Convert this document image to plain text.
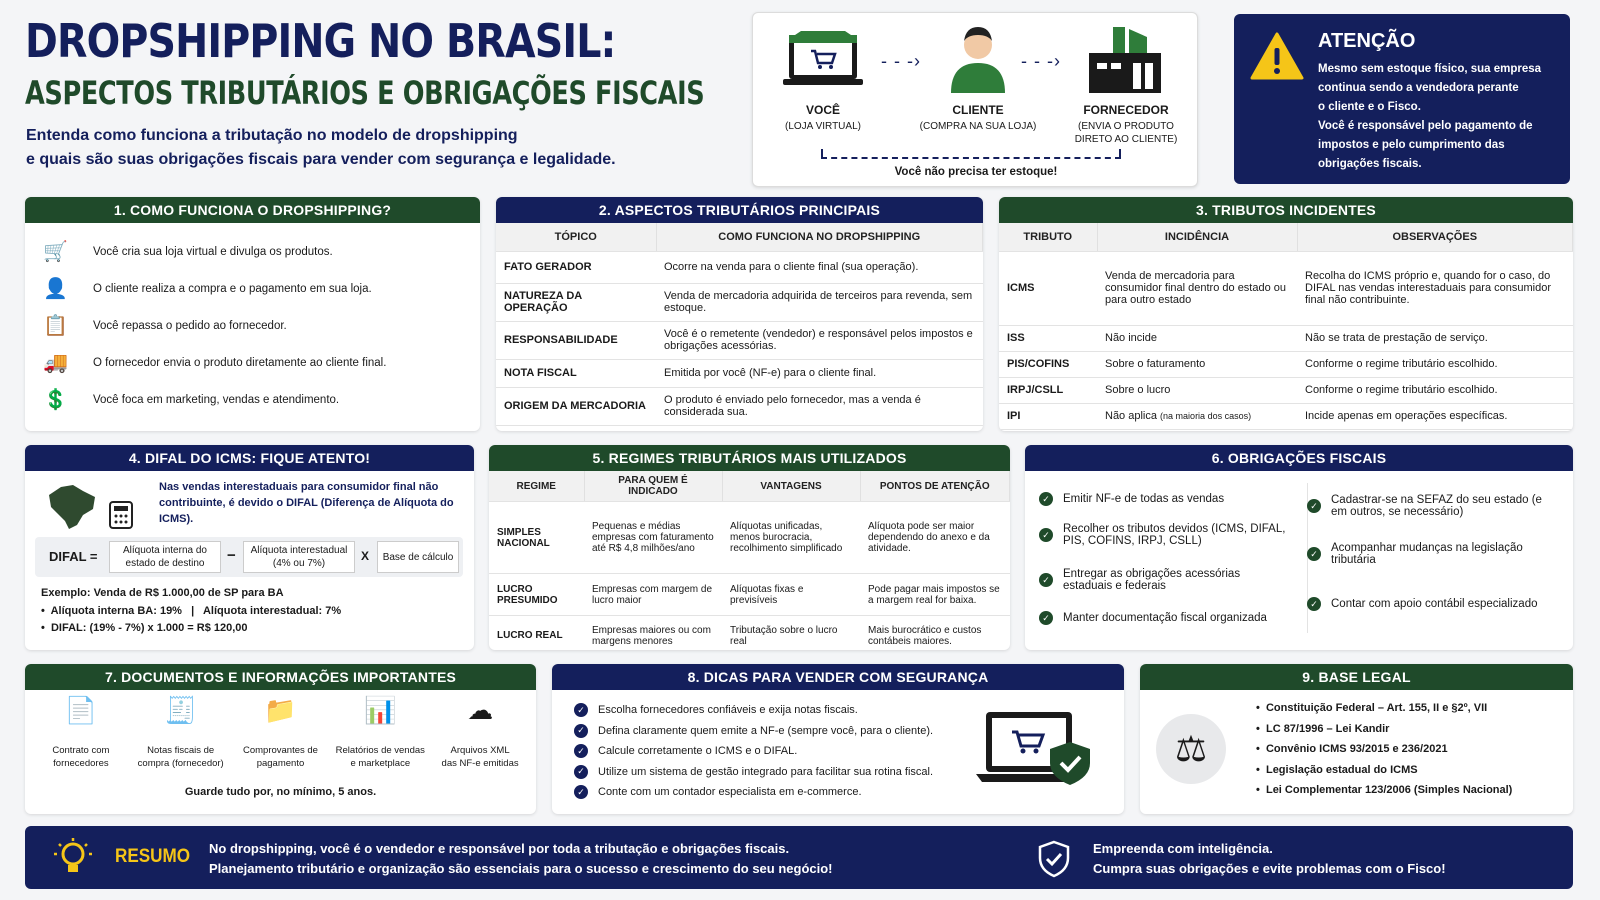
DROPSHIPPING NO BRASIL:
ASPECTOS TRIBUTÁRIOS E OBRIGAÇÕES FISCAIS
Entenda como funciona a tributação no modelo de dropshipping
e quais são suas obrigações fiscais para vender com segurança e legalidade.
VOCÊ
(LOJA VIRTUAL)
- - -›
CLIENTE
(COMPRA NA SUA LOJA)
- - -›
FORNECEDOR
(ENVIA O PRODUTO
DIRETO AO CLIENTE)
Você não precisa ter estoque!
ATENÇÃO
Mesmo sem estoque físico, sua empresa
continua sendo a vendedora perante
o cliente e o Fisco.
Você é responsável pelo pagamento de
impostos e pelo cumprimento das
obrigações fiscais.
1. COMO FUNCIONA O DROPSHIPPING?
🛒	Você cria sua loja virtual e divulga os produtos.
👤	O cliente realiza a compra e o pagamento em sua loja.
📋	Você repassa o pedido ao fornecedor.
🚚	O fornecedor envia o produto diretamente ao cliente final.
💲	Você foca em marketing, vendas e atendimento.
2. ASPECTOS TRIBUTÁRIOS PRINCIPAIS
TÓPICO	COMO FUNCIONA NO DROPSHIPPING
FATO GERADOR	Ocorre na venda para o cliente final (sua operação).
NATUREZA DA OPERAÇÃO	Venda de mercadoria adquirida de terceiros para revenda, sem estoque.
RESPONSABILIDADE	Você é o remetente (vendedor) e responsável pelos impostos e obrigações acessórias.
NOTA FISCAL	Emitida por você (NF-e) para o cliente final.
ORIGEM DA MERCADORIA	O produto é enviado pelo fornecedor, mas a venda é considerada sua.
3. TRIBUTOS INCIDENTES
TRIBUTO	INCIDÊNCIA	OBSERVAÇÕES
ICMS	Venda de mercadoria para consumidor final dentro do estado ou para outro estado	Recolha do ICMS próprio e, quando for o caso, do DIFAL nas vendas interestaduais para consumidor final não contribuinte.
ISS	Não incide	Não se trata de prestação de serviço.
PIS/COFINS	Sobre o faturamento	Conforme o regime tributário escolhido.
IRPJ/CSLL	Sobre o lucro	Conforme o regime tributário escolhido.
IPI	Não aplica (na maioria dos casos)	Incide apenas em operações específicas.
4. DIFAL DO ICMS: FIQUE ATENTO!
Nas vendas interestaduais para consumidor final não contribuinte, é devido o DIFAL (Diferença de Alíquota do ICMS).
DIFAL =	Alíquota interna do estado de destino	−	Alíquota interestadual (4% ou 7%)
X	Base de cálculo
Exemplo: Venda de R$ 1.000,00 de SP para BA
•  Alíquota interna BA: 19% | Alíquota interestadual: 7%
•  DIFAL: (19% - 7%) x 1.000 = R$ 120,00
5. REGIMES TRIBUTÁRIOS MAIS UTILIZADOS
REGIME	PARA QUEM É INDICADO	VANTAGENS	PONTOS DE ATENÇÃO
SIMPLES NACIONAL	Pequenas e médias empresas com faturamento até R$ 4,8 milhões/ano	Alíquotas unificadas, menos burocracia, recolhimento simplificado	Alíquota pode ser maior dependendo do anexo e da atividade.
LUCRO PRESUMIDO	Empresas com margem de lucro maior	Alíquotas fixas e previsíveis	Pode pagar mais impostos se a margem real for baixa.
LUCRO REAL	Empresas maiores ou com margens menores	Tributação sobre o lucro real	Mais burocrático e custos contábeis maiores.
6. OBRIGAÇÕES FISCAIS
✓ Emitir NF-e de todas as vendas
✓ Recolher os tributos devidos (ICMS, DIFAL, PIS, COFINS, IRPJ, CSLL)
✓ Entregar as obrigações acessórias estaduais e federais
✓ Manter documentação fiscal organizada
✓ Cadastrar-se na SEFAZ do seu estado (e em outros, se necessário)
✓ Acompanhar mudanças na legislação tributária
✓ Contar com apoio contábil especializado
7. DOCUMENTOS E INFORMAÇÕES IMPORTANTES
📄
Contrato com
fornecedores
🧾
Notas fiscais de
compra (fornecedor)
📁
Comprovantes de
pagamento
📊
Relatórios de vendas
e marketplace
☁
Arquivos XML
das NF-e emitidas
Guarde tudo por, no mínimo, 5 anos.
8. DICAS PARA VENDER COM SEGURANÇA
✓ Escolha fornecedores confiáveis e exija notas fiscais.
✓ Defina claramente quem emite a NF-e (sempre você, para o cliente).
✓ Calcule corretamente o ICMS e o DIFAL.
✓ Utilize um sistema de gestão integrado para facilitar sua rotina fiscal.
✓ Conte com um contador especialista em e-commerce.
9. BASE LEGAL
⚖
• Constituição Federal – Art. 155, II e §2º, VII
• LC 87/1996 – Lei Kandir
• Convênio ICMS 93/2015 e 236/2021
• Legislação estadual do ICMS
• Lei Complementar 123/2006 (Simples Nacional)
RESUMO No dropshipping, você é o vendedor e responsável por toda a tributação e obrigações fiscais.
Planejamento tributário e organização são essenciais para o sucesso e crescimento do seu negócio!
Empreenda com inteligência.
Cumpra suas obrigações e evite problemas com o Fisco!
